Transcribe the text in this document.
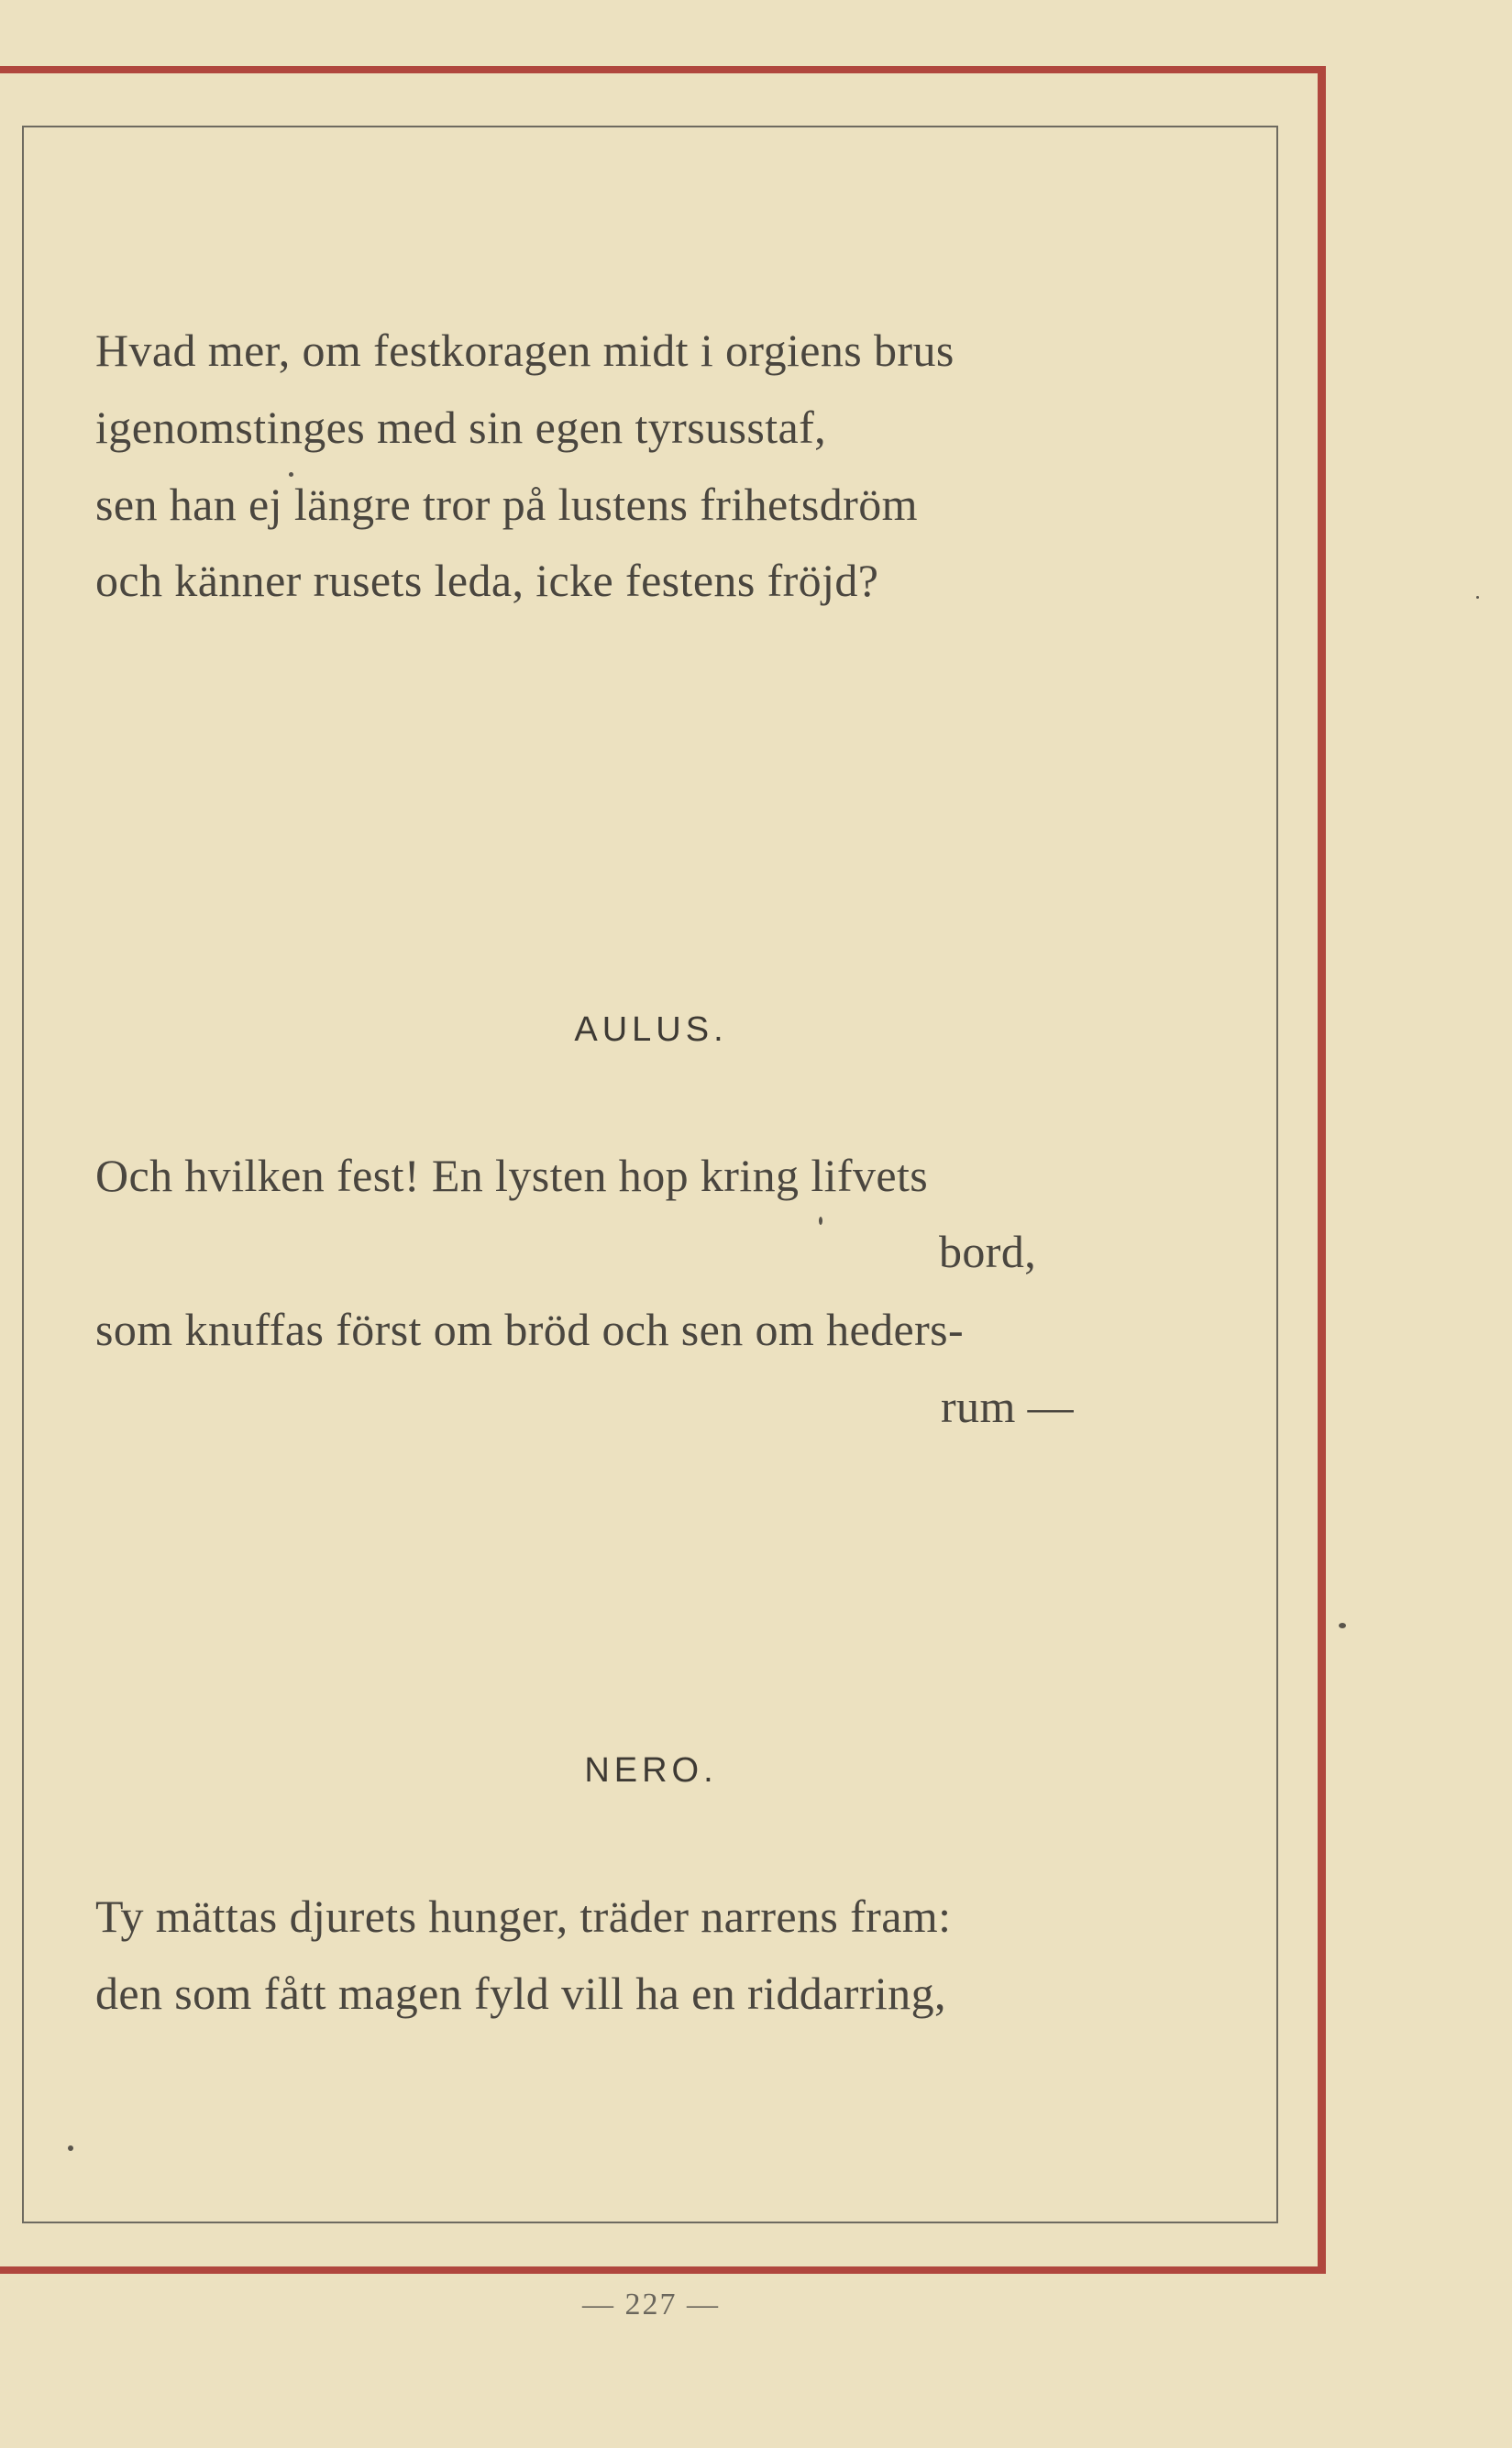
Hvad mer, om festkoragen midt i orgiens brus
igenomstinges med sin egen tyrsusstaf,
sen han ej längre tror på lustens frihetsdröm
och känner rusets leda, icke festens fröjd?
AULUS.
Och hvilken fest! En lysten hop kring lifvets
bord,
som knuffas först om bröd och sen om heders-
rum —
NERO.
Ty mättas djurets hunger, träder narrens fram:
den som fått magen fyld vill ha en riddarring,
— 227 —
